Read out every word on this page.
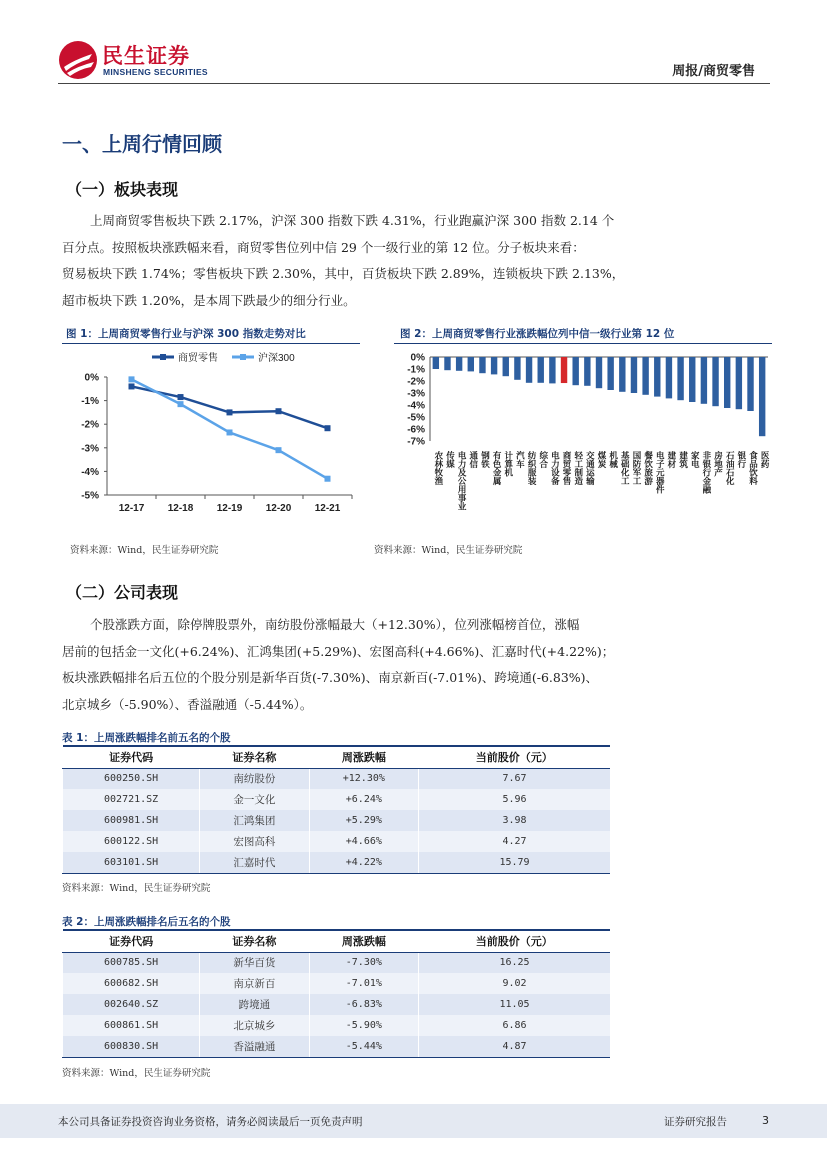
民生证券
MINSHENG SECURITIES	周报/商贸零售
一、上周行情回顾
（一）板块表现
上周商贸零售板块下跌 2.17%，沪深 300 指数下跌 4.31%，行业跑赢沪深 300 指数 2.14 个
百分点。按照板块涨跌幅来看，商贸零售位列中信 29 个一级行业的第 12 位。分子板块来看：
贸易板块下跌 1.74%；零售板块下跌 2.30%，其中，百货板块下跌 2.89%，连锁板块下跌 2.13%，
超市板块下跌 1.20%，是本周下跌最少的细分行业。
图 1：上周商贸零售行业与沪深 300 指数走势对比
0%
-1%
-2%
-3%
-4%
-5%
12-17 12-18 12-19 12-20 12-21
商贸零售	沪深300
资料来源：Wind，民生证券研究院
图 2：上周商贸零售行业涨跌幅位列中信一级行业第 12 位
0%
-1%
-2%
-3%
-4%
-5%
-6%
-7%
农林牧渔 传媒 电力及公用事业 通信 钢铁 有色金属 计算机 汽车 纺织服装 综合 电力设备 商贸零售 轻工制造 交通运输 煤炭 机械 基础化工 国防军工 餐饮旅游 电子元器件 建材 建筑 家电 非银行金融 房地产 石油石化 银行 食品饮料 医药
资料来源：Wind，民生证券研究院
（二）公司表现
个股涨跌方面，除停牌股票外，南纺股份涨幅最大（+12.30%），位列涨幅榜首位，涨幅
居前的包括金一文化(+6.24%)、汇鸿集团(+5.29%)、宏图高科(+4.66%)、汇嘉时代(+4.22%)；
板块涨跌幅排名后五位的个股分别是新华百货(-7.30%)、南京新百(-7.01%)、跨境通(-6.83%)、
北京城乡（-5.90%）、香溢融通（-5.44%）。
表 1：上周涨跌幅排名前五名的个股
证券代码	证券名称	周涨跌幅	当前股价（元）
600250.SH	南纺股份	+12.30%	7.67
002721.SZ	金一文化	+6.24%	5.96
600981.SH	汇鸿集团	+5.29%	3.98
600122.SH	宏图高科	+4.66%	4.27
603101.SH	汇嘉时代	+4.22%	15.79
资料来源：Wind，民生证券研究院
表 2：上周涨跌幅排名后五名的个股
证券代码	证券名称	周涨跌幅	当前股价（元）
600785.SH	新华百货	-7.30%	16.25
600682.SH	南京新百	-7.01%	9.02
002640.SZ	跨境通	-6.83%	11.05
600861.SH	北京城乡	-5.90%	6.86
600830.SH	香溢融通	-5.44%	4.87
资料来源：Wind，民生证券研究院
本公司具备证券投资咨询业务资格，请务必阅读最后一页免责声明	证券研究报告	3
